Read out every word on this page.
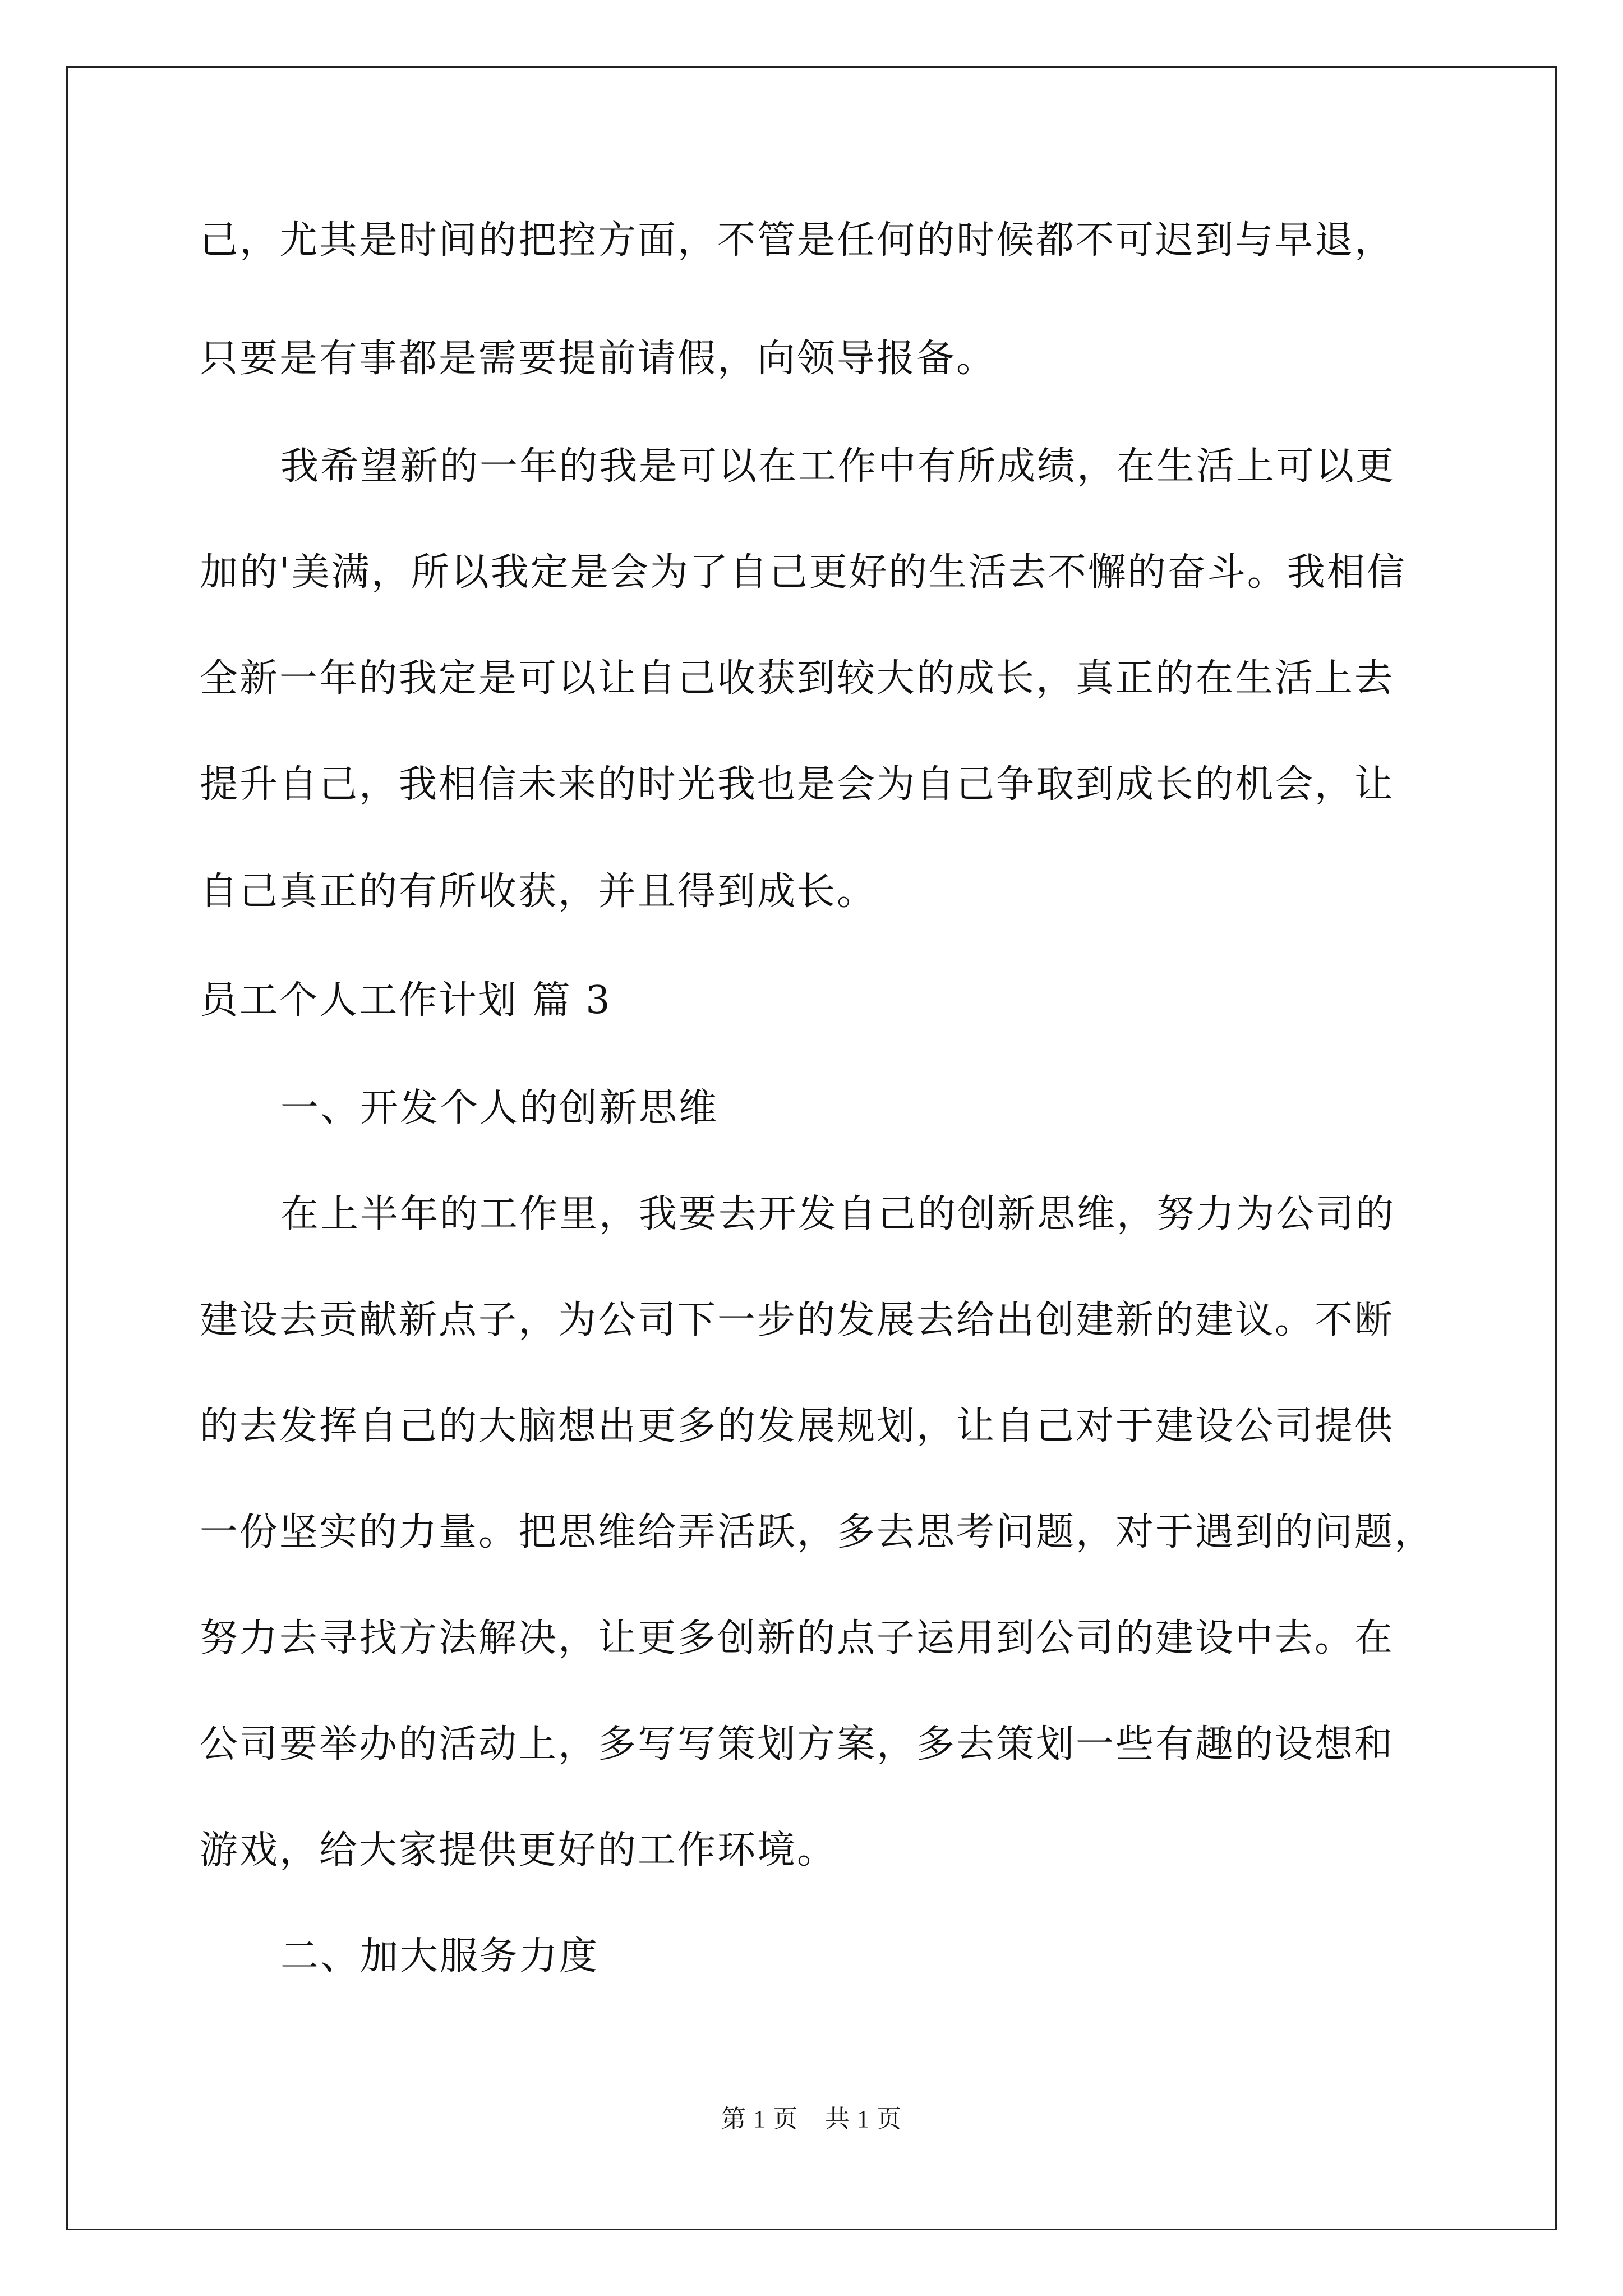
己，尤其是时间的把控方面，不管是任何的时候都不可迟到与早退，
只要是有事都是需要提前请假，向领导报备。
我希望新的一年的我是可以在工作中有所成绩，在生活上可以更
加的'美满，所以我定是会为了自己更好的生活去不懈的奋斗。我相信
全新一年的我定是可以让自己收获到较大的成长，真正的在生活上去
提升自己，我相信未来的时光我也是会为自己争取到成长的机会，让
自己真正的有所收获，并且得到成长。
员工个人工作计划 篇 3
一、开发个人的创新思维
在上半年的工作里，我要去开发自己的创新思维，努力为公司的
建设去贡献新点子，为公司下一步的发展去给出创建新的建议。不断
的去发挥自己的大脑想出更多的发展规划，让自己对于建设公司提供
一份坚实的力量。把思维给弄活跃，多去思考问题，对于遇到的问题，
努力去寻找方法解决，让更多创新的点子运用到公司的建设中去。在
公司要举办的活动上，多写写策划方案，多去策划一些有趣的设想和
游戏，给大家提供更好的工作环境。
二、加大服务力度
第 1 页 共 1 页
